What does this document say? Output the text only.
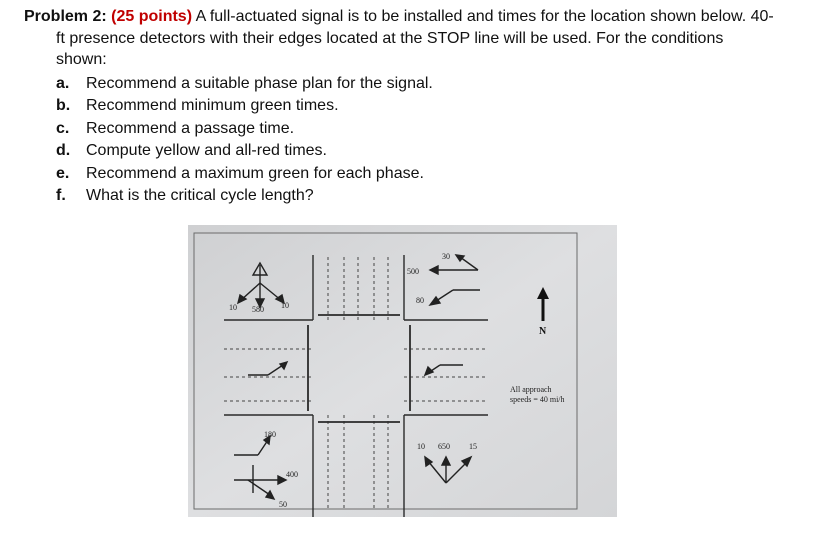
Problem 2: (25 points) A full-actuated signal is to be installed and times for the location shown below. 40-
ft presence detectors with their edges located at the STOP line will be used. For the conditions
shown:
a.	Recommend a suitable phase plan for the signal.
b. Recommend minimum green times.
c.	Recommend a passage time.
d. Compute yellow and all-red times.
e.	Recommend a maximum green for each phase.
f.	What is the critical cycle length?
10 580 10
30
500
80
180
400
50
10 650 15
N
All approach
speeds = 40 mi/h
